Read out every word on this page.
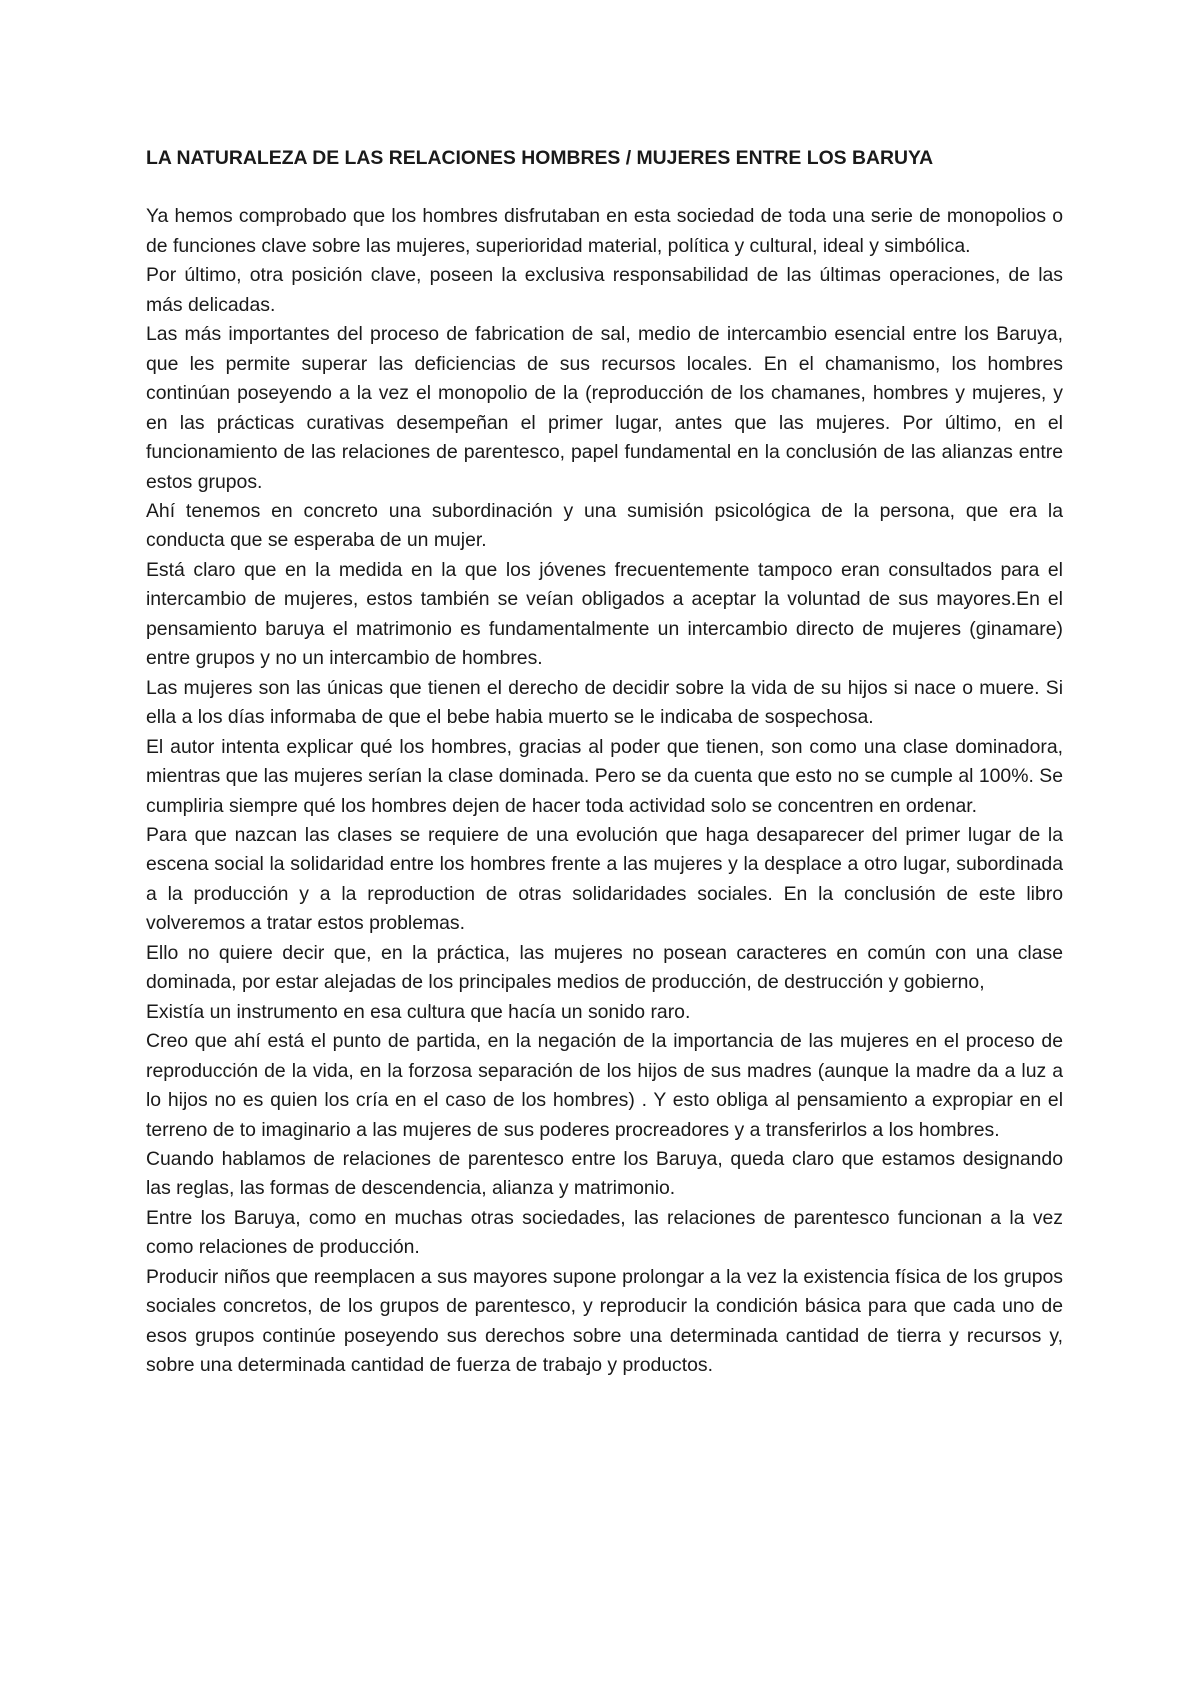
LA NATURALEZA DE LAS RELACIONES HOMBRES / MUJERES ENTRE LOS BARUYA

Ya hemos comprobado que los hombres disfrutaban en esta sociedad de toda una serie de monopolios o de funciones clave sobre las mujeres, superioridad material, política y cultural, ideal y simbólica.

Por último, otra posición clave, poseen la exclusiva responsabilidad de las últimas operaciones, de las más delicadas.

Las más importantes del proceso de fabrication de sal, medio de intercambio esencial entre los Baruya, que les permite superar las deficiencias de sus recursos locales. En el chamanismo, los hombres continúan poseyendo a la vez el monopolio de la (reproducción de los chamanes, hombres y mujeres, y en las prácticas curativas desempeñan el primer lugar, antes que las mujeres. Por último, en el funcionamiento de las relaciones de parentesco, papel fundamental en la conclusión de las alianzas entre estos grupos.

Ahí tenemos en concreto una subordinación y una sumisión psicológica de la persona, que era la conducta que se esperaba de un mujer.

Está claro que en la medida en la que los jóvenes frecuentemente tampoco eran consultados para el intercambio de mujeres, estos también se veían obligados a aceptar la voluntad de sus mayores.En el pensamiento baruya el matrimonio es fundamentalmente un intercambio directo de mujeres (ginamare) entre grupos y no un intercambio de hombres.

Las mujeres son las únicas que tienen el derecho de decidir sobre la vida de su hijos si nace o muere. Si ella a los días informaba de que el bebe habia muerto se le indicaba de sospechosa.

El autor intenta explicar qué los hombres, gracias al poder que tienen, son como una clase dominadora, mientras que las mujeres serían la clase dominada. Pero se da cuenta que esto no se cumple al 100%. Se cumpliria siempre qué los hombres dejen de hacer toda actividad solo se concentren en ordenar.

Para que nazcan las clases se requiere de una evolución que haga desaparecer del primer lugar de la escena social la solidaridad entre los hombres frente a las mujeres y la desplace a otro lugar, subordinada a la producción y a la reproduction de otras solidaridades sociales. En la conclusión de este libro volveremos a tratar estos problemas.

Ello no quiere decir que, en la práctica, las mujeres no posean caracteres en común con una clase dominada, por estar alejadas de los principales medios de producción, de destrucción y gobierno,

Existía un instrumento en esa cultura que hacía un sonido raro.

Creo que ahí está el punto de partida, en la negación de la importancia de las mujeres en el proceso de reproducción de la vida, en la forzosa separación de los hijos de sus madres (aunque la madre da a luz a lo hijos no es quien los cría en el caso de los hombres) . Y esto obliga al pensamiento a expropiar en el terreno de to imaginario a las mujeres de sus poderes procreadores y a transferirlos a los hombres.

Cuando hablamos de relaciones de parentesco entre los Baruya, queda claro que estamos designando las reglas, las formas de descendencia, alianza y matrimonio.

Entre los Baruya, como en muchas otras sociedades, las relaciones de parentesco funcionan a la vez como relaciones de producción.

Producir niños que reemplacen a sus mayores supone prolongar a la vez la existencia física de los grupos sociales concretos, de los grupos de parentesco, y reproducir la condición básica para que cada uno de esos grupos continúe poseyendo sus derechos sobre una determinada cantidad de tierra y recursos y, sobre una determinada cantidad de fuerza de trabajo y productos.
